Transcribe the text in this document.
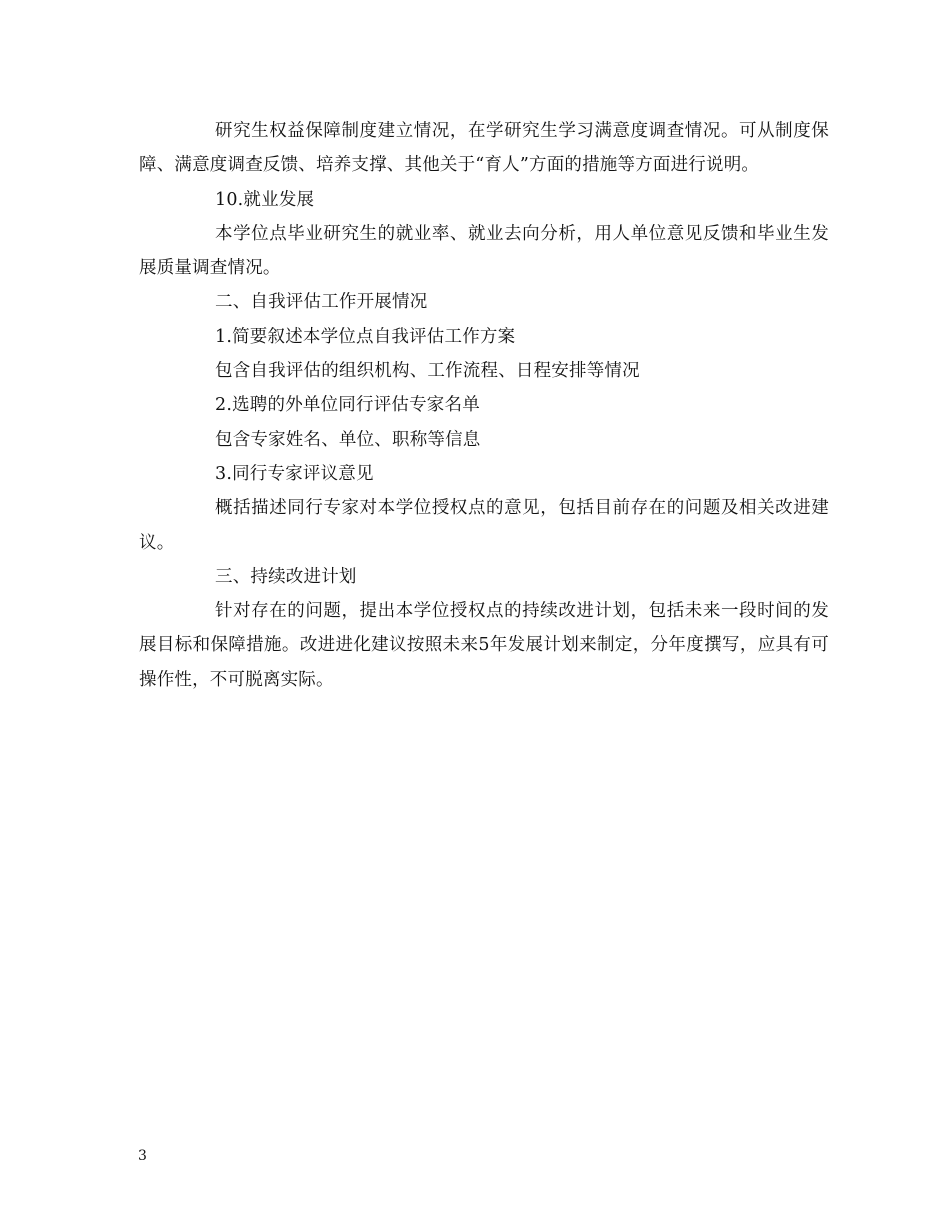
研究生权益保障制度建立情况，在学研究生学习满意度调查情况。可从制度保障、满意度调查反馈、培养支撑、其他关于“育人”方面的措施等方面进行说明。

10.就业发展

本学位点毕业研究生的就业率、就业去向分析，用人单位意见反馈和毕业生发展质量调查情况。

二、自我评估工作开展情况

1.简要叙述本学位点自我评估工作方案

包含自我评估的组织机构、工作流程、日程安排等情况

2.选聘的外单位同行评估专家名单

包含专家姓名、单位、职称等信息

3.同行专家评议意见

概括描述同行专家对本学位授权点的意见，包括目前存在的问题及相关改进建议。

三、持续改进计划

针对存在的问题，提出本学位授权点的持续改进计划，包括未来一段时间的发展目标和保障措施。改进进化建议按照未来5年发展计划来制定，分年度撰写，应具有可操作性，不可脱离实际。

3
